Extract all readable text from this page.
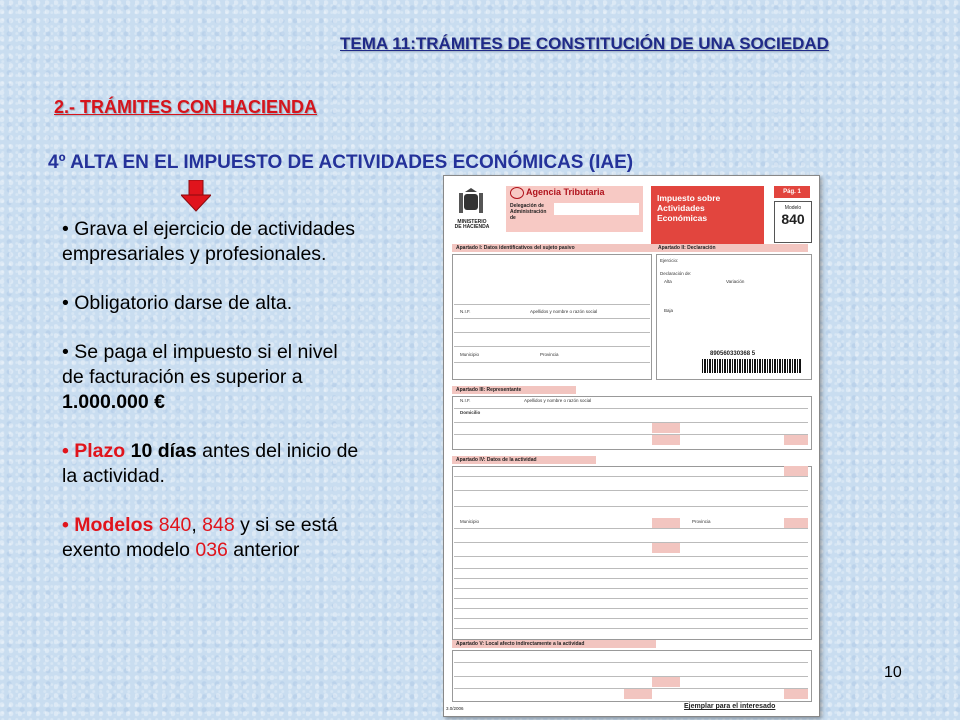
TEMA 11:TRÁMITES DE CONSTITUCIÓN DE UNA SOCIEDAD
2.- TRÁMITES CON HACIENDA
4º ALTA EN EL IMPUESTO DE ACTIVIDADES ECONÓMICAS (IAE)

• Grava el ejercicio de actividades empresariales y profesionales.

• Obligatorio darse de alta.

• Se paga el impuesto si el nivel de facturación es superior a 1.000.000 €

• Plazo 10 días antes del inicio de la actividad.

• Modelos 840, 848 y si se está exento modelo 036 anterior

10
MINISTERIO DE HACIENDA
Agencia Tributaria
Delegación de Administración de
Impuesto sobre
Actividades
Económicas
Pág. 1
Modelo
840
Apartado I: Datos identificativos del sujeto pasivo	Apartado II: Declaración
Ejercicio:
Declaración de:
Alta
Baja
Variación
N.I.F.	Apellidos y nombre o razón social
Municipio	Provincia	890560330368 5
Apartado III: Representante
N.I.F.	Apellidos y nombre o razón social
Domicilio
Apartado IV: Datos de la actividad
Municipio	Provincia
Apartado V: Local afecto indirectamente a la actividad
Ejemplar para el interesado
3.0/2006
